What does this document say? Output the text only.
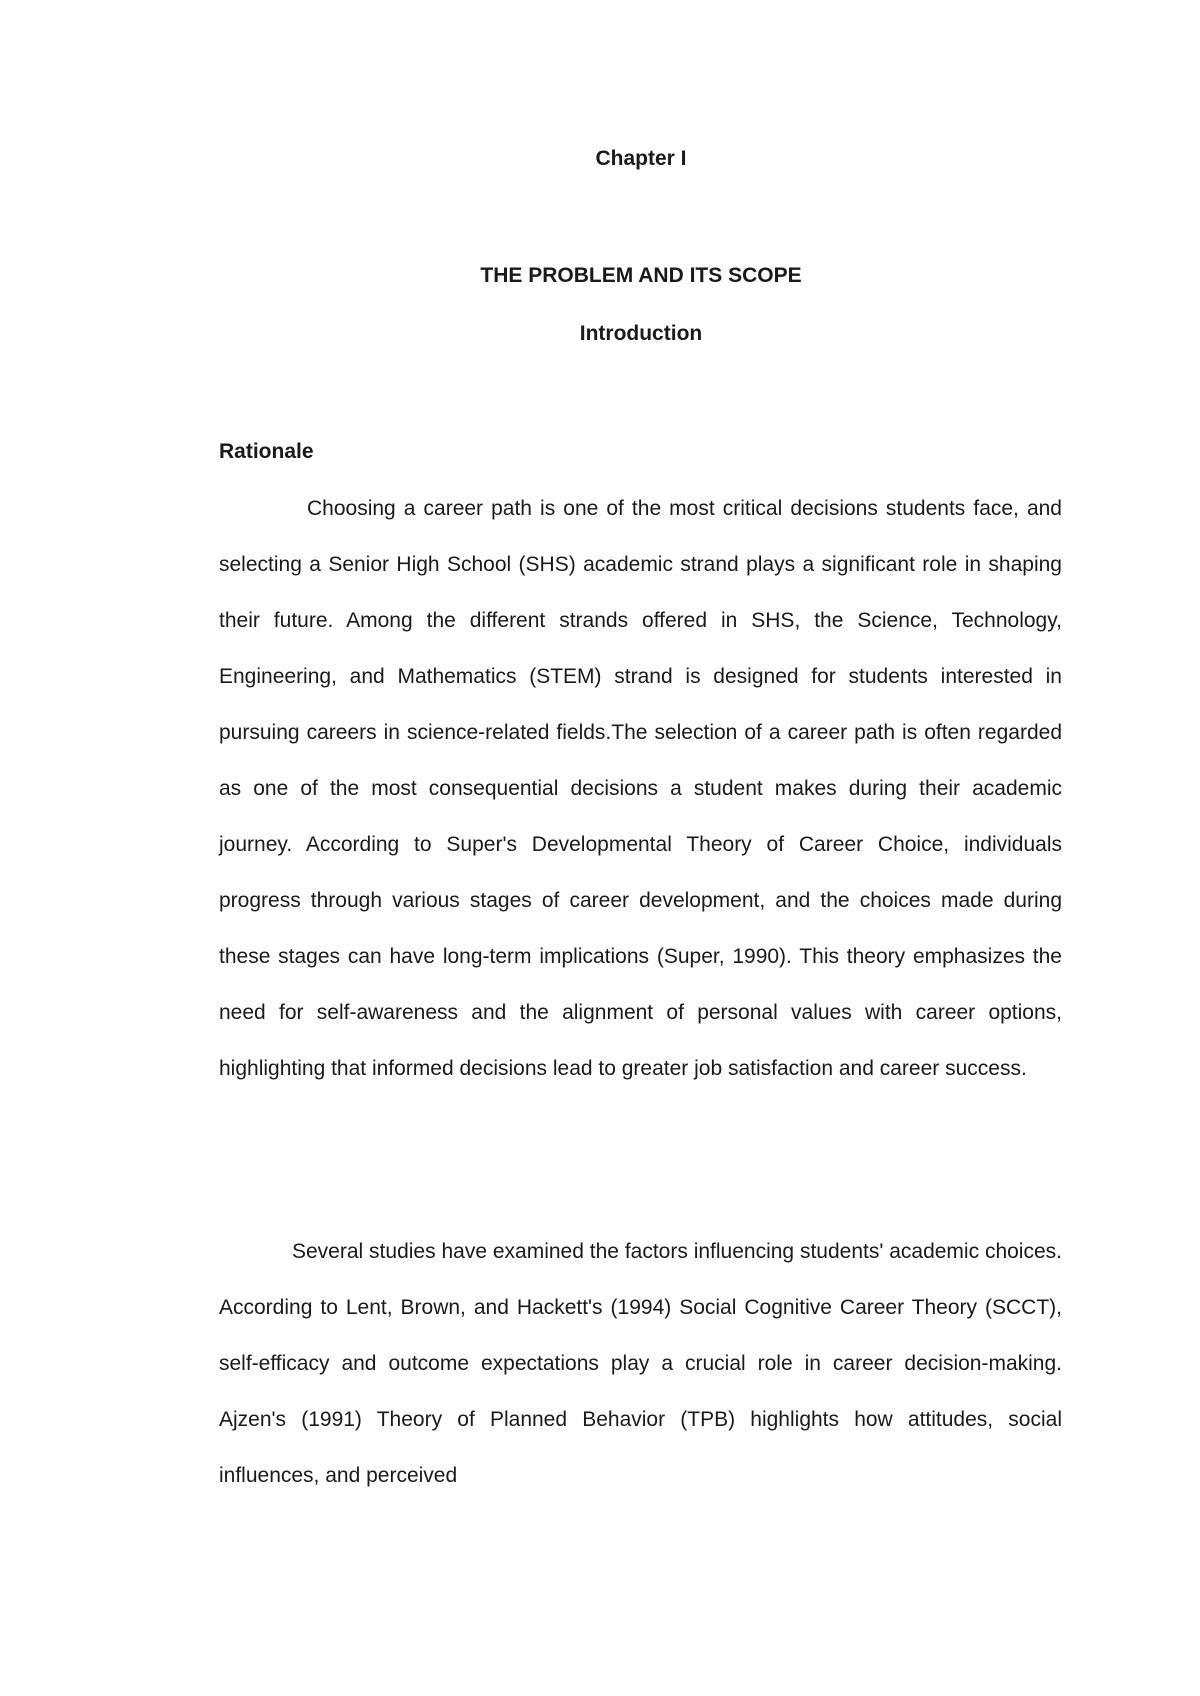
Chapter I
THE PROBLEM AND ITS SCOPE
Introduction
Rationale

Choosing a career path is one of the most critical decisions students face, and selecting a Senior High School (SHS) academic strand plays a significant role in shaping their future. Among the different strands offered in SHS, the Science, Technology, Engineering, and Mathematics (STEM) strand is designed for students interested in pursuing careers in science-related fields.The selection of a career path is often regarded as one of the most consequential decisions a student makes during their academic journey. According to Super's Developmental Theory of Career Choice, individuals progress through various stages of career development, and the choices made during these stages can have long-term implications (Super, 1990). This theory emphasizes the need for self-awareness and the alignment of personal values with career options, highlighting that informed decisions lead to greater job satisfaction and career success.

Several studies have examined the factors influencing students' academic choices. According to Lent, Brown, and Hackett's (1994) Social Cognitive Career Theory (SCCT), self-efficacy and outcome expectations play a crucial role in career decision-making. Ajzen's (1991) Theory of Planned Behavior (TPB) highlights how attitudes, social influences, and perceived
